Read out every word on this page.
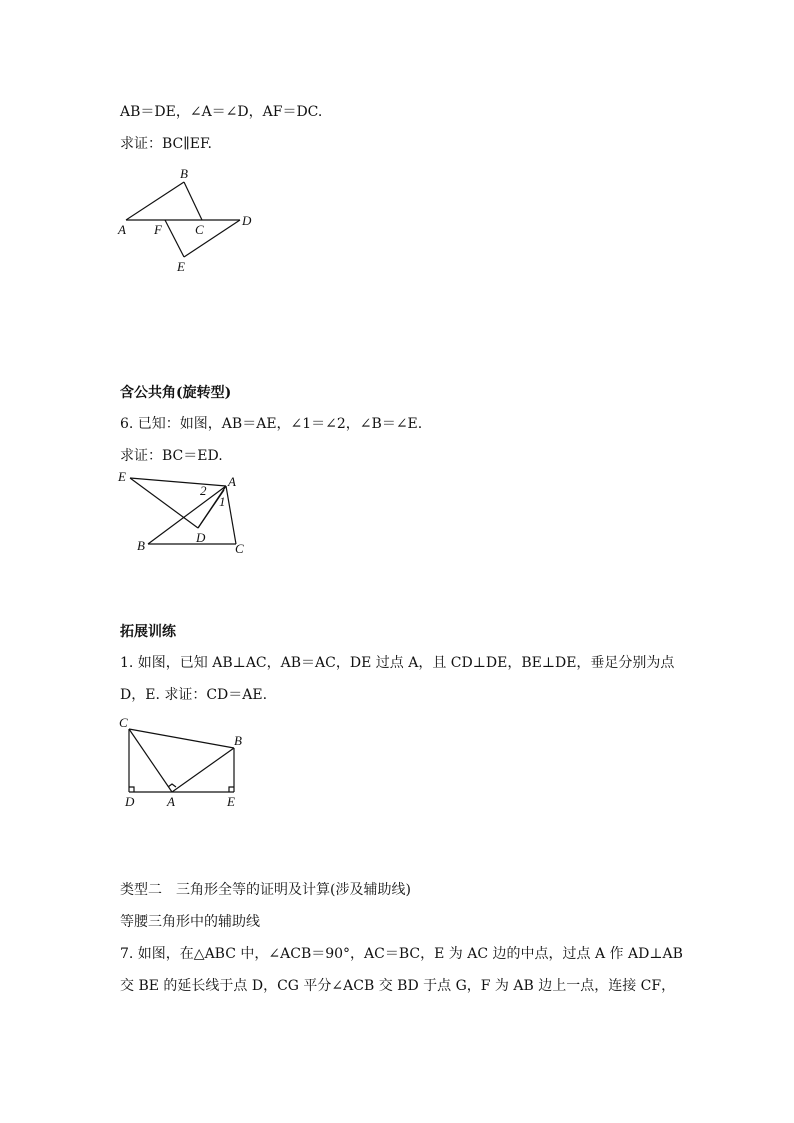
AB＝DE，∠A＝∠D，AF＝DC.
求证：BC∥EF.
A
B
F	C
D
E
含公共角(旋转型)
6. 已知：如图，AB＝AE，∠1＝∠2，∠B＝∠E.
求证：BC＝ED.
E	A
2
1
B
D
C
拓展训练
1. 如图，已知 AB⊥AC，AB＝AC，DE 过点 A，且 CD⊥DE，BE⊥DE，垂足分别为点
D，E. 求证：CD＝AE.
C
B
D	A	E
类型二　三角形全等的证明及计算(涉及辅助线)
等腰三角形中的辅助线
7. 如图，在△ABC 中，∠ACB＝90°，AC＝BC，E 为 AC 边的中点，过点 A 作 AD⊥AB
交 BE 的延长线于点 D，CG 平分∠ACB 交 BD 于点 G，F 为 AB 边上一点，连接 CF，
